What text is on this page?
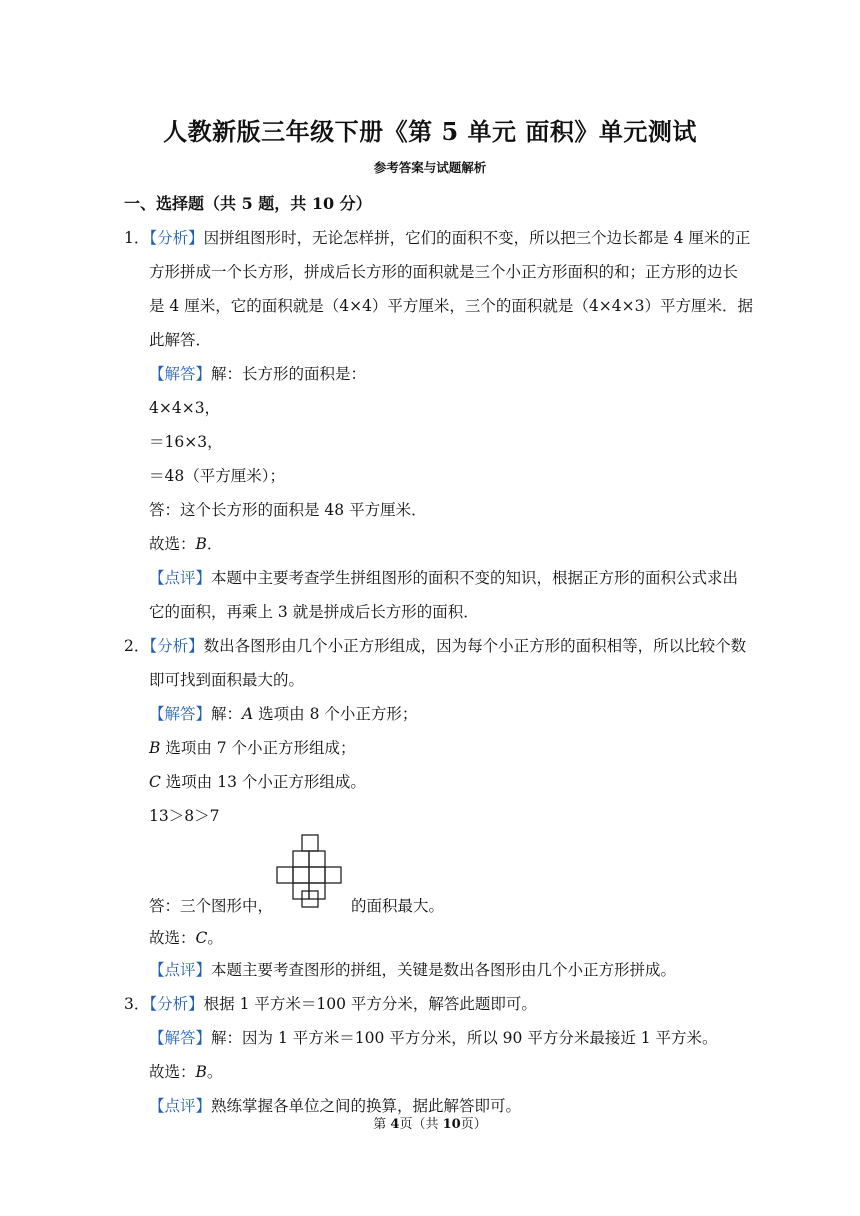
人教新版三年级下册《第 5 单元 面积》单元测试
参考答案与试题解析
一、选择题（共 5 题，共 10 分）
1．【分析】因拼组图形时，无论怎样拼，它们的面积不变，所以把三个边长都是 4 厘米的正
方形拼成一个长方形，拼成后长方形的面积就是三个小正方形面积的和；正方形的边长
是 4 厘米，它的面积就是（4×4）平方厘米，三个的面积就是（4×4×3）平方厘米．据
此解答．
【解答】解：长方形的面积是：
4×4×3，
＝16×3，
＝48（平方厘米）；
答：这个长方形的面积是 48 平方厘米．
故选：B．
【点评】本题中主要考查学生拼组图形的面积不变的知识，根据正方形的面积公式求出
它的面积，再乘上 3 就是拼成后长方形的面积．
2．【分析】数出各图形由几个小正方形组成，因为每个小正方形的面积相等，所以比较个数
即可找到面积最大的。
【解答】解：A 选项由 8 个小正方形；
B 选项由 7 个小正方形组成；
C 选项由 13 个小正方形组成。
13＞8＞7
答：三个图形中，	的面积最大。
故选：C。
【点评】本题主要考查图形的拼组，关键是数出各图形由几个小正方形拼成。
3．【分析】根据 1 平方米＝100 平方分米，解答此题即可。
【解答】解：因为 1 平方米＝100 平方分米，所以 90 平方分米最接近 1 平方米。
故选：B。
【点评】熟练掌握各单位之间的换算，据此解答即可。
第 4页（共 10页）
